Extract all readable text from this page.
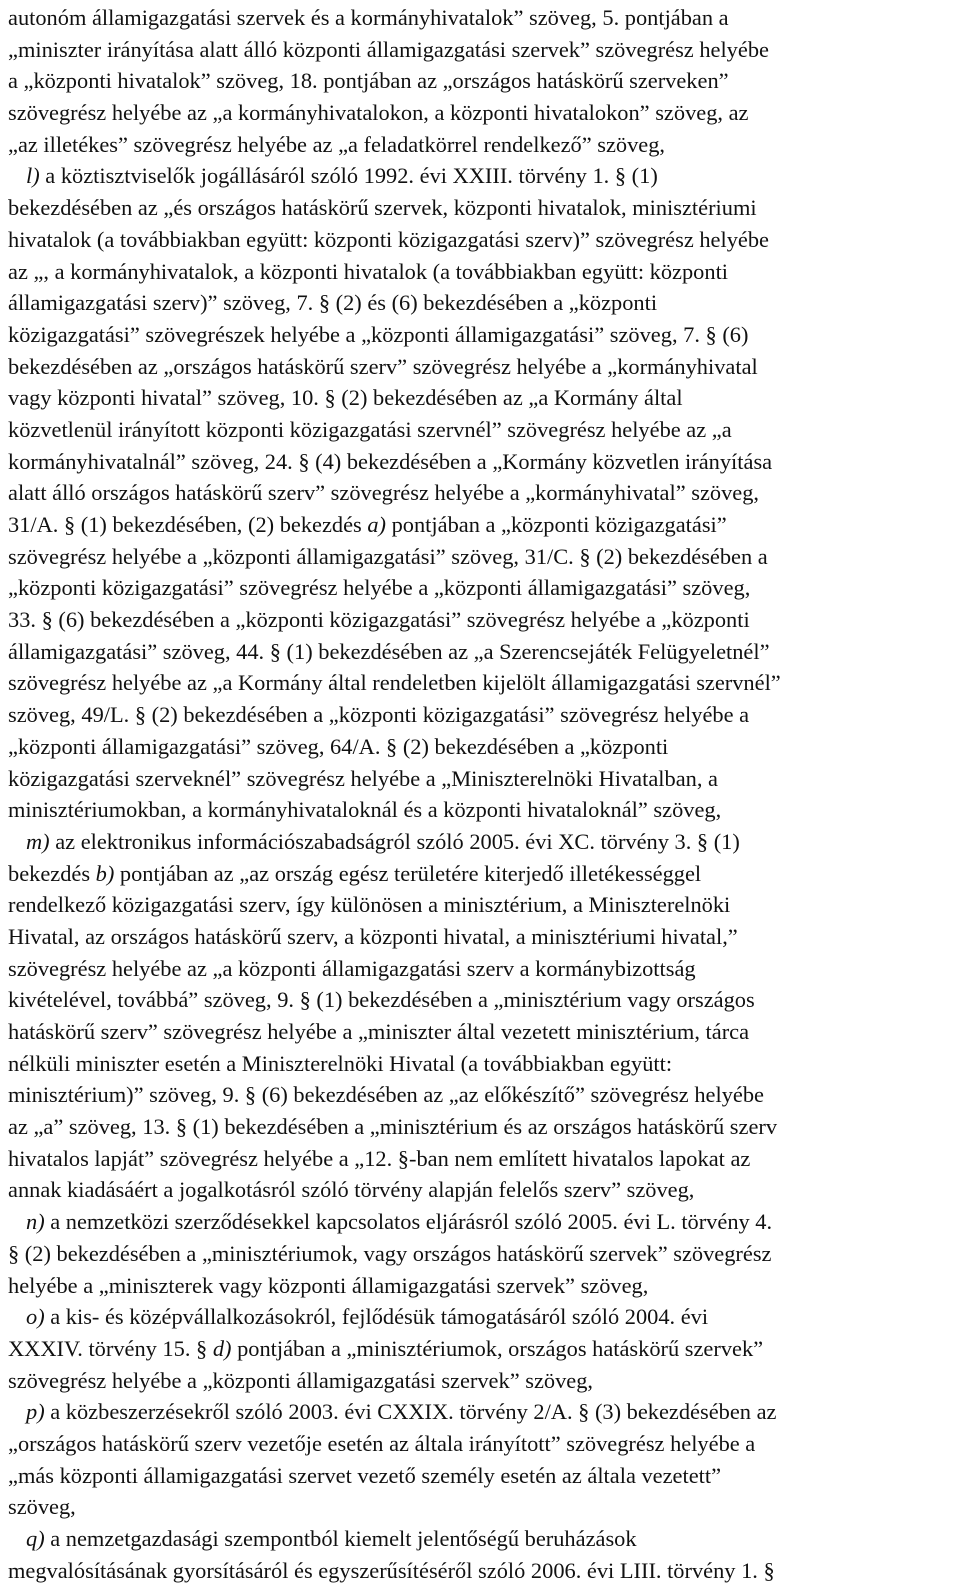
autonóm államigazgatási szervek és a kormányhivatalok” szöveg, 5. pontjában a
„miniszter irányítása alatt álló központi államigazgatási szervek” szövegrész helyébe
a „központi hivatalok” szöveg, 18. pontjában az „országos hatáskörű szerveken”
szövegrész helyébe az „a kormányhivatalokon, a központi hivatalokon” szöveg, az
„az illetékes” szövegrész helyébe az „a feladatkörrel rendelkező” szöveg,
l) a köztisztviselők jogállásáról szóló 1992. évi XXIII. törvény 1. § (1)
bekezdésében az „és országos hatáskörű szervek, központi hivatalok, minisztériumi
hivatalok (a továbbiakban együtt: központi közigazgatási szerv)” szövegrész helyébe
az „, a kormányhivatalok, a központi hivatalok (a továbbiakban együtt: központi
államigazgatási szerv)” szöveg, 7. § (2) és (6) bekezdésében a „központi
közigazgatási” szövegrészek helyébe a „központi államigazgatási” szöveg, 7. § (6)
bekezdésében az „országos hatáskörű szerv” szövegrész helyébe a „kormányhivatal
vagy központi hivatal” szöveg, 10. § (2) bekezdésében az „a Kormány által
közvetlenül irányított központi közigazgatási szervnél” szövegrész helyébe az „a
kormányhivatalnál” szöveg, 24. § (4) bekezdésében a „Kormány közvetlen irányítása
alatt álló országos hatáskörű szerv” szövegrész helyébe a „kormányhivatal” szöveg,
31/A. § (1) bekezdésében, (2) bekezdés a) pontjában a „központi közigazgatási”
szövegrész helyébe a „központi államigazgatási” szöveg, 31/C. § (2) bekezdésében a
„központi közigazgatási” szövegrész helyébe a „központi államigazgatási” szöveg,
33. § (6) bekezdésében a „központi közigazgatási” szövegrész helyébe a „központi
államigazgatási” szöveg, 44. § (1) bekezdésében az „a Szerencsejáték Felügyeletnél”
szövegrész helyébe az „a Kormány által rendeletben kijelölt államigazgatási szervnél”
szöveg, 49/L. § (2) bekezdésében a „központi közigazgatási” szövegrész helyébe a
„központi államigazgatási” szöveg, 64/A. § (2) bekezdésében a „központi
közigazgatási szerveknél” szövegrész helyébe a „Miniszterelnöki Hivatalban, a
minisztériumokban, a kormányhivataloknál és a központi hivataloknál” szöveg,
m) az elektronikus információszabadságról szóló 2005. évi XC. törvény 3. § (1)
bekezdés b) pontjában az „az ország egész területére kiterjedő illetékességgel
rendelkező közigazgatási szerv, így különösen a minisztérium, a Miniszterelnöki
Hivatal, az országos hatáskörű szerv, a központi hivatal, a minisztériumi hivatal,”
szövegrész helyébe az „a központi államigazgatási szerv a kormánybizottság
kivételével, továbbá” szöveg, 9. § (1) bekezdésében a „minisztérium vagy országos
hatáskörű szerv” szövegrész helyébe a „miniszter által vezetett minisztérium, tárca
nélküli miniszter esetén a Miniszterelnöki Hivatal (a továbbiakban együtt:
minisztérium)” szöveg, 9. § (6) bekezdésében az „az előkészítő” szövegrész helyébe
az „a” szöveg, 13. § (1) bekezdésében a „minisztérium és az országos hatáskörű szerv
hivatalos lapját” szövegrész helyébe a „12. §-ban nem említett hivatalos lapokat az
annak kiadásáért a jogalkotásról szóló törvény alapján felelős szerv” szöveg,
n) a nemzetközi szerződésekkel kapcsolatos eljárásról szóló 2005. évi L. törvény 4.
§ (2) bekezdésében a „minisztériumok, vagy országos hatáskörű szervek” szövegrész
helyébe a „miniszterek vagy központi államigazgatási szervek” szöveg,
o) a kis- és középvállalkozásokról, fejlődésük támogatásáról szóló 2004. évi
XXXIV. törvény 15. § d) pontjában a „minisztériumok, országos hatáskörű szervek”
szövegrész helyébe a „központi államigazgatási szervek” szöveg,
p) a közbeszerzésekről szóló 2003. évi CXXIX. törvény 2/A. § (3) bekezdésében az
„országos hatáskörű szerv vezetője esetén az általa irányított” szövegrész helyébe a
„más központi államigazgatási szervet vezető személy esetén az általa vezetett”
szöveg,
q) a nemzetgazdasági szempontból kiemelt jelentőségű beruházások
megvalósításának gyorsításáról és egyszerűsítéséről szóló 2006. évi LIII. törvény 1. §
